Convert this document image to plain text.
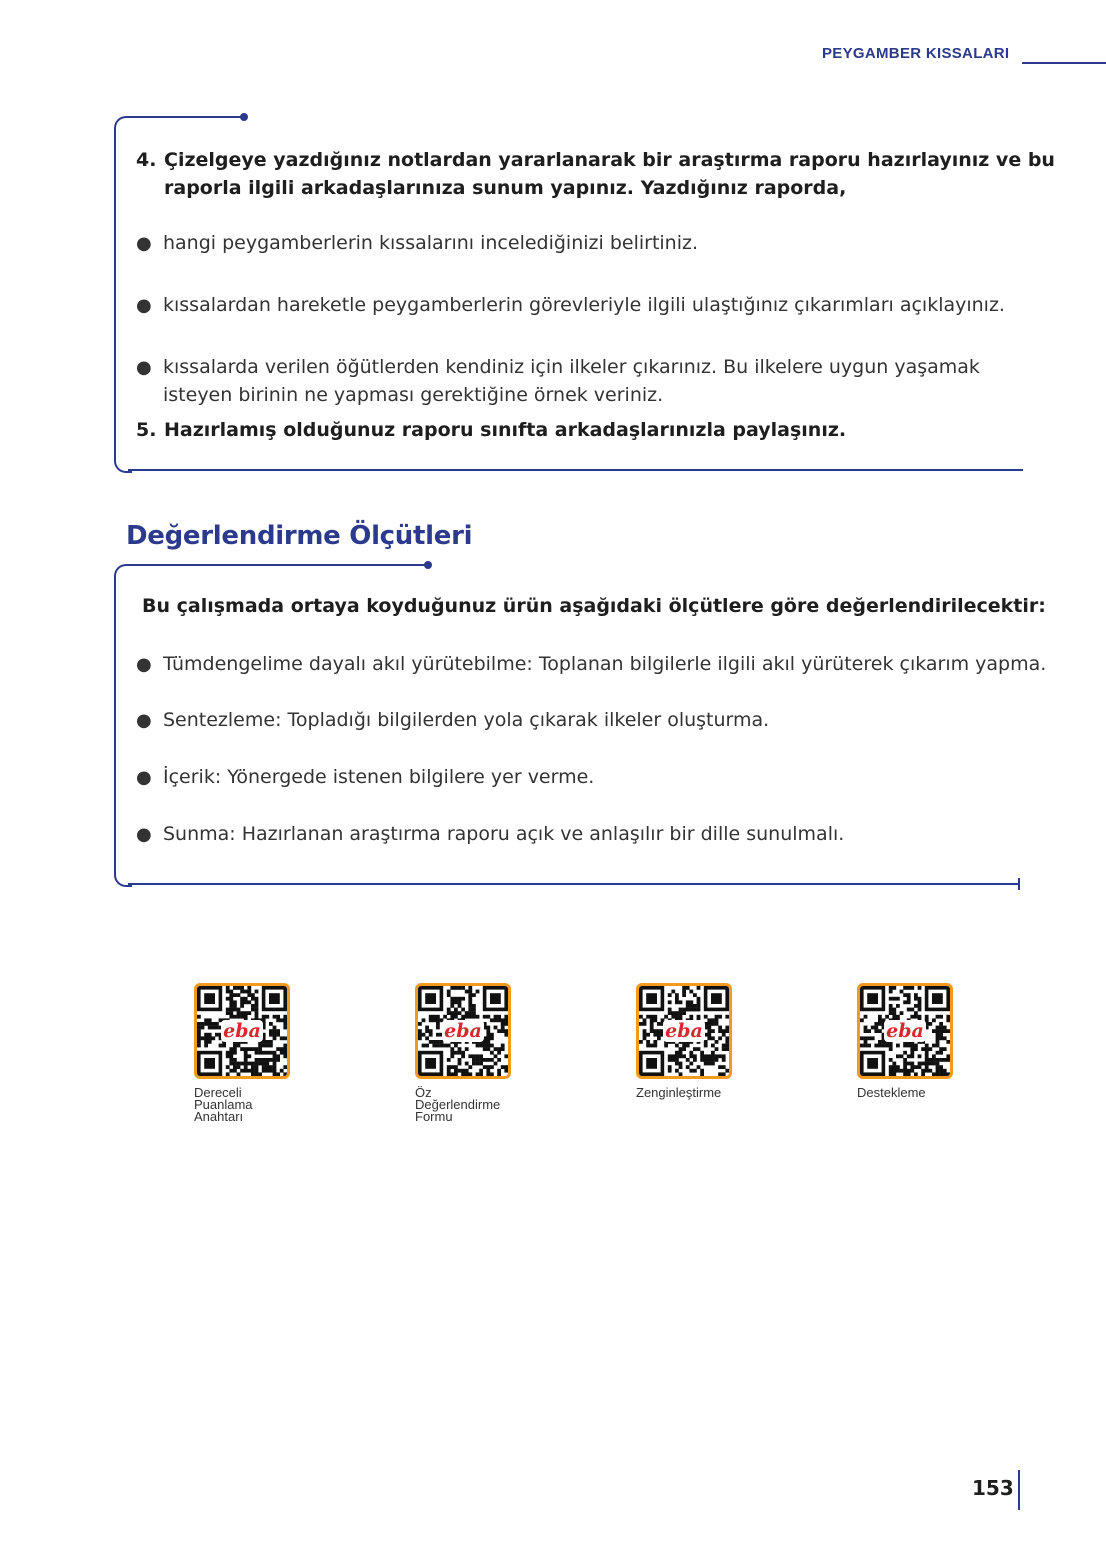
PEYGAMBER KISSALARI
4. Çizelgeye yazdığınız notlardan yararlanarak bir araştırma raporu hazırlayınız ve bu
raporla ilgili arkadaşlarınıza sunum yapınız. Yazdığınız raporda,
● hangi peygamberlerin kıssalarını incelediğinizi belirtiniz.
● kıssalardan hareketle peygamberlerin görevleriyle ilgili ulaştığınız çıkarımları açıklayınız.
● kıssalarda verilen öğütlerden kendiniz için ilkeler çıkarınız. Bu ilkelere uygun yaşamak
isteyen birinin ne yapması gerektiğine örnek veriniz.
5. Hazırlamış olduğunuz raporu sınıfta arkadaşlarınızla paylaşınız.
Değerlendirme Ölçütleri
Bu çalışmada ortaya koyduğunuz ürün aşağıdaki ölçütlere göre değerlendirilecektir:
● Tümdengelime dayalı akıl yürütebilme: Toplanan bilgilerle ilgili akıl yürüterek çıkarım yapma.
● Sentezleme: Topladığı bilgilerden yola çıkarak ilkeler oluşturma.
● İçerik: Yönergede istenen bilgilere yer verme.
● Sunma: Hazırlanan araştırma raporu açık ve anlaşılır bir dille sunulmalı.
eba
Dereceli
Puanlama
Anahtarı
eba
Öz
Değerlendirme
Formu
eba
Zenginleştirme
eba
Destekleme
153
